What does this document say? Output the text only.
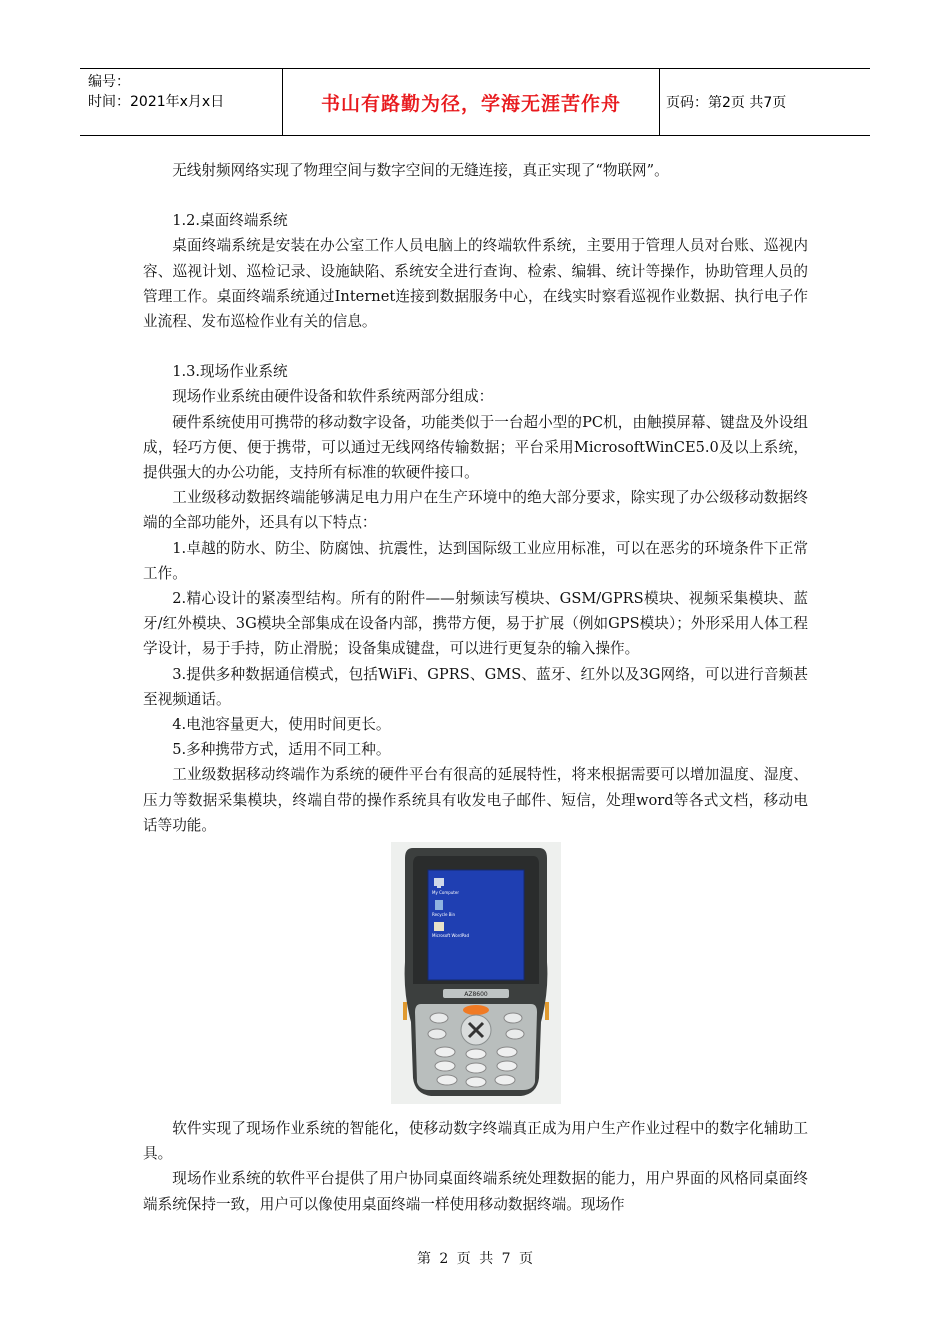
编号：
时间：2021年x月x日	书山有路勤为径，学海无涯苦作舟	页码：第2页 共7页

无线射频网络实现了物理空间与数字空间的无缝连接，真正实现了“物联网”。

1.2.桌面终端系统

桌面终端系统是安装在办公室工作人员电脑上的终端软件系统，主要用于管理人员对台账、巡视内容、巡视计划、巡检记录、设施缺陷、系统安全进行查询、检索、编辑、统计等操作，协助管理人员的管理工作。桌面终端系统通过Internet连接到数据服务中心，在线实时察看巡视作业数据、执行电子作业流程、发布巡检作业有关的信息。

1.3.现场作业系统

现场作业系统由硬件设备和软件系统两部分组成：

硬件系统使用可携带的移动数字设备，功能类似于一台超小型的PC机，由触摸屏幕、键盘及外设组成，轻巧方便、便于携带，可以通过无线网络传输数据；平台采用MicrosoftWinCE5.0及以上系统，提供强大的办公功能，支持所有标准的软硬件接口。

工业级移动数据终端能够满足电力用户在生产环境中的绝大部分要求，除实现了办公级移动数据终端的全部功能外，还具有以下特点：

1.卓越的防水、防尘、防腐蚀、抗震性，达到国际级工业应用标准，可以在恶劣的环境条件下正常工作。

2.精心设计的紧凑型结构。所有的附件——射频读写模块、GSM/GPRS模块、视频采集模块、蓝牙/红外模块、3G模块全部集成在设备内部，携带方便，易于扩展（例如GPS模块）；外形采用人体工程学设计，易于手持，防止滑脱；设备集成键盘，可以进行更复杂的输入操作。

3.提供多种数据通信模式，包括WiFi、GPRS、GMS、蓝牙、红外以及3G网络，可以进行音频甚至视频通话。

4.电池容量更大，使用时间更长。

5.多种携带方式，适用不同工种。

工业级数据移动终端作为系统的硬件平台有很高的延展特性，将来根据需要可以增加温度、湿度、压力等数据采集模块，终端自带的操作系统具有收发电子邮件、短信，处理word等各式文档，移动电话等功能。

My Computer
Recycle Bin
Microsoft WordPad
AZ8600

软件实现了现场作业系统的智能化，使移动数字终端真正成为用户生产作业过程中的数字化辅助工具。

现场作业系统的软件平台提供了用户协同桌面终端系统处理数据的能力，用户界面的风格同桌面终端系统保持一致，用户可以像使用桌面终端一样使用移动数据终端。现场作

第 2 页 共 7 页
